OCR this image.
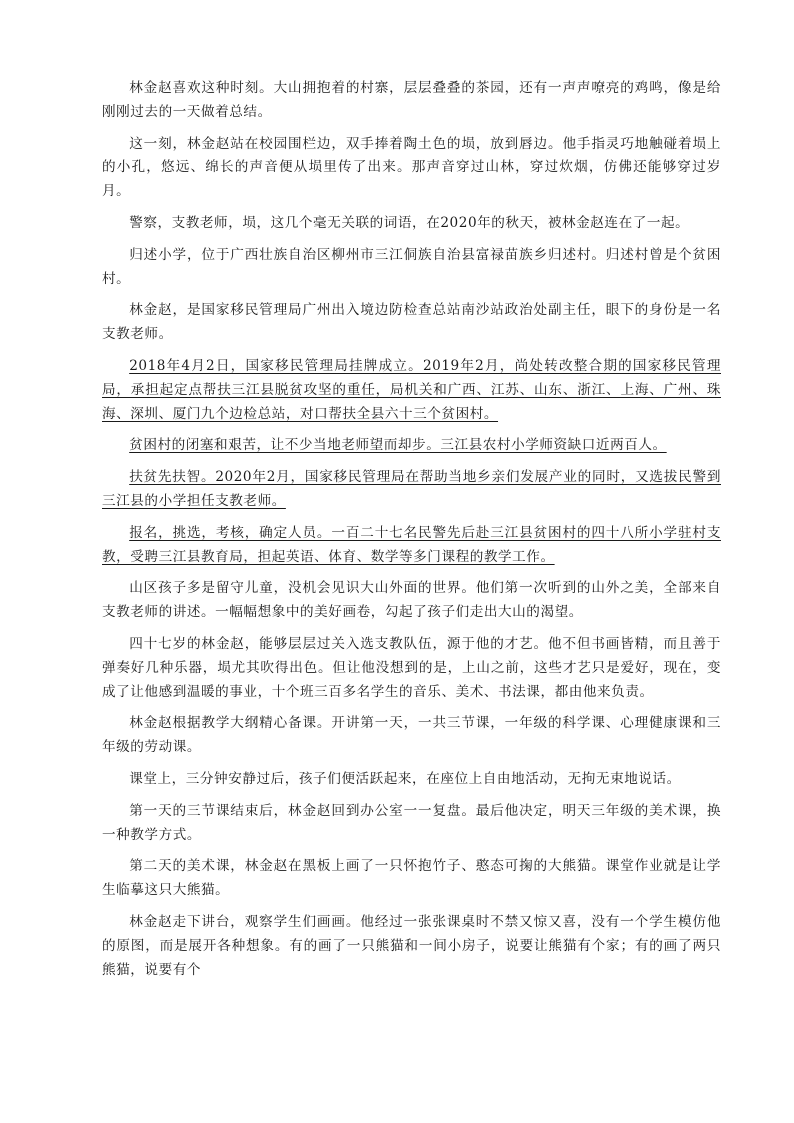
林金赵喜欢这种时刻。大山拥抱着的村寨，层层叠叠的茶园，还有一声声嘹亮的鸡鸣，像是给刚刚过去的一天做着总结。

这一刻，林金赵站在校园围栏边，双手捧着陶土色的埙，放到唇边。他手指灵巧地触碰着埙上的小孔，悠远、绵长的声音便从埙里传了出来。那声音穿过山林，穿过炊烟，仿佛还能够穿过岁月。

警察，支教老师，埙，这几个毫无关联的词语，在2020年的秋天，被林金赵连在了一起。

归述小学，位于广西壮族自治区柳州市三江侗族自治县富禄苗族乡归述村。归述村曾是个贫困村。

林金赵，是国家移民管理局广州出入境边防检查总站南沙站政治处副主任，眼下的身份是一名支教老师。

2018年4月2日，国家移民管理局挂牌成立。2019年2月，尚处转改整合期的国家移民管理局，承担起定点帮扶三江县脱贫攻坚的重任，局机关和广西、江苏、山东、浙江、上海、广州、珠海、深圳、厦门九个边检总站，对口帮扶全县六十三个贫困村。

贫困村的闭塞和艰苦，让不少当地老师望而却步。三江县农村小学师资缺口近两百人。

扶贫先扶智。2020年2月，国家移民管理局在帮助当地乡亲们发展产业的同时，又选拔民警到三江县的小学担任支教老师。

报名，挑选，考核，确定人员。一百二十七名民警先后赴三江县贫困村的四十八所小学驻村支教，受聘三江县教育局，担起英语、体育、数学等多门课程的教学工作。

山区孩子多是留守儿童，没机会见识大山外面的世界。他们第一次听到的山外之美，全部来自支教老师的讲述。一幅幅想象中的美好画卷，勾起了孩子们走出大山的渴望。

四十七岁的林金赵，能够层层过关入选支教队伍，源于他的才艺。他不但书画皆精，而且善于弹奏好几种乐器，埙尤其吹得出色。但让他没想到的是，上山之前，这些才艺只是爱好，现在，变成了让他感到温暖的事业，十个班三百多名学生的音乐、美术、书法课，都由他来负责。

林金赵根据教学大纲精心备课。开讲第一天，一共三节课，一年级的科学课、心理健康课和三年级的劳动课。

课堂上，三分钟安静过后，孩子们便活跃起来，在座位上自由地活动，无拘无束地说话。

第一天的三节课结束后，林金赵回到办公室一一复盘。最后他决定，明天三年级的美术课，换一种教学方式。

第二天的美术课，林金赵在黑板上画了一只怀抱竹子、憨态可掬的大熊猫。课堂作业就是让学生临摹这只大熊猫。

林金赵走下讲台，观察学生们画画。他经过一张张课桌时不禁又惊又喜，没有一个学生模仿他的原图，而是展开各种想象。有的画了一只熊猫和一间小房子，说要让熊猫有个家；有的画了两只熊猫，说要有个
